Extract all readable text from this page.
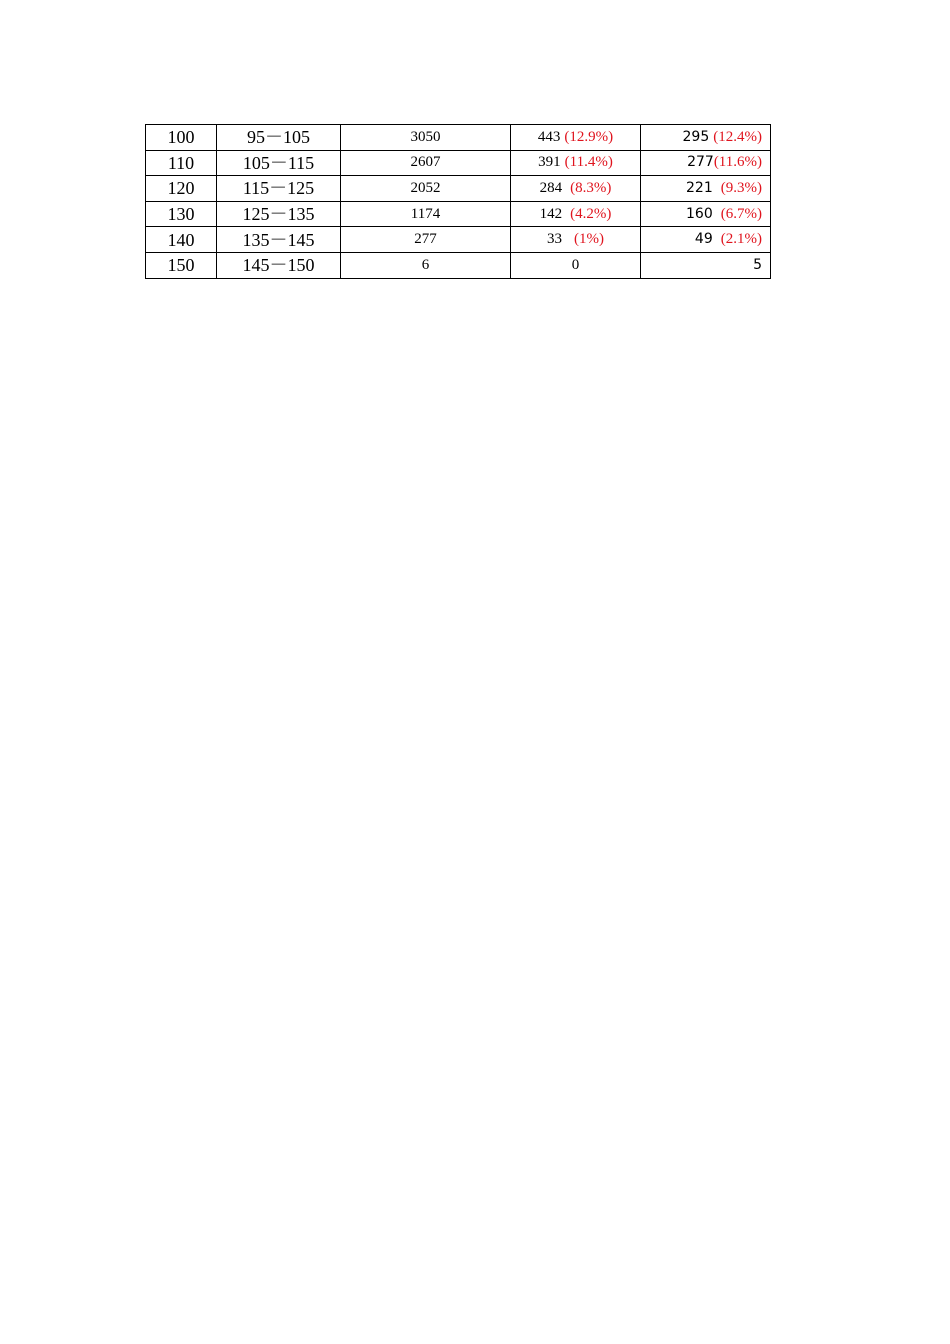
100	95－105	3050	443 (12.9%)	295 (12.4%)
110	105－115	2607	391 (11.4%)	277(11.6%)
120	115－125	2052	284 (8.3%)	221 (9.3%)
130	125－135	1174	142 (4.2%)	160 (6.7%)
140	135－145	277	33 (1%)	49 (2.1%)
150	145－150	6	0	5
